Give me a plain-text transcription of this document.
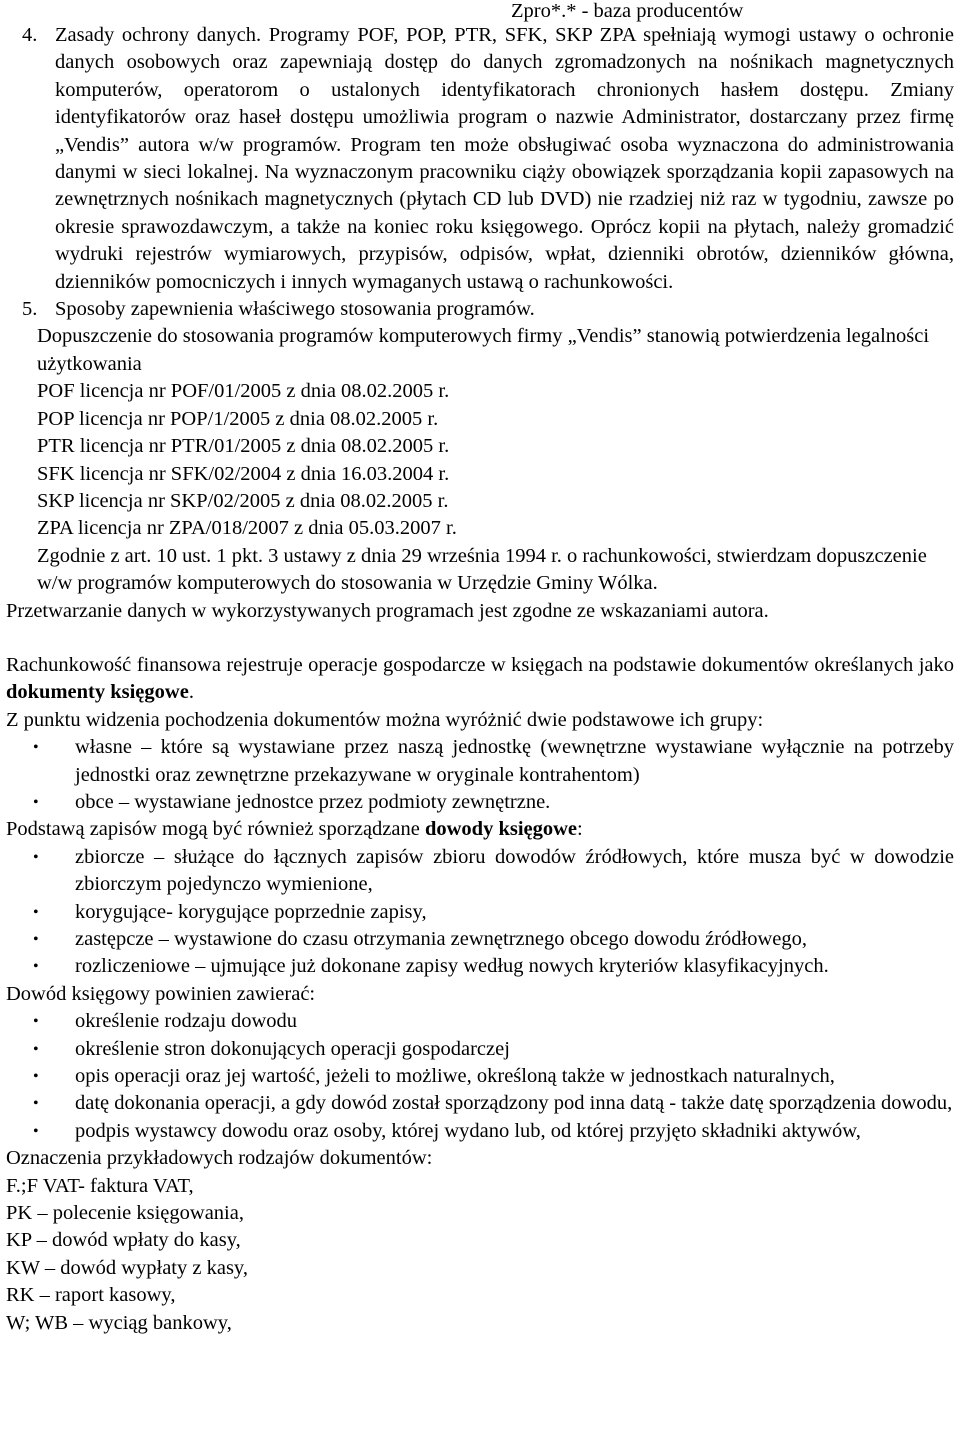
Zpro*.* - baza producentów
4. Zasady ochrony danych. Programy POF, POP, PTR, SFK, SKP ZPA spełniają wymogi ustawy o ochronie danych osobowych oraz zapewniają dostęp do danych zgromadzonych na nośnikach magnetycznych komputerów, operatorom o ustalonych identyfikatorach chronionych hasłem dostępu. Zmiany identyfikatorów oraz haseł dostępu umożliwia program o nazwie Administrator, dostarczany przez firmę „Vendis” autora w/w programów. Program ten może obsługiwać osoba wyznaczona do administrowania danymi w sieci lokalnej. Na wyznaczonym pracowniku ciąży obowiązek sporządzania kopii zapasowych na zewnętrznych nośnikach magnetycznych (płytach CD lub DVD) nie rzadziej niż raz w tygodniu, zawsze po okresie sprawozdawczym, a także na koniec roku księgowego. Oprócz kopii na płytach, należy gromadzić wydruki rejestrów wymiarowych, przypisów, odpisów, wpłat, dzienniki obrotów, dzienników główna, dzienników pomocniczych i innych wymaganych ustawą o rachunkowości.
5. Sposoby zapewnienia właściwego stosowania programów.
Dopuszczenie do stosowania programów komputerowych firmy „Vendis” stanowią potwierdzenia legalności użytkowania
POF licencja nr POF/01/2005 z dnia 08.02.2005 r.
POP licencja nr POP/1/2005 z dnia 08.02.2005 r.
PTR licencja nr PTR/01/2005 z dnia 08.02.2005 r.
SFK licencja nr SFK/02/2004 z dnia 16.03.2004 r.
SKP licencja nr SKP/02/2005 z dnia 08.02.2005 r.
ZPA licencja nr ZPA/018/2007 z dnia 05.03.2007 r.
Zgodnie z art. 10 ust. 1 pkt. 3 ustawy z dnia 29 września 1994 r. o rachunkowości, stwierdzam dopuszczenie w/w programów komputerowych do stosowania w Urzędzie Gminy Wólka.
Przetwarzanie danych w wykorzystywanych programach jest zgodne ze wskazaniami autora.
Rachunkowość finansowa rejestruje operacje gospodarcze w księgach na podstawie dokumentów określanych jako dokumenty księgowe.
Z punktu widzenia pochodzenia dokumentów można wyróżnić dwie podstawowe ich grupy:
•	własne – które są wystawiane przez naszą jednostkę (wewnętrzne wystawiane wyłącznie na potrzeby jednostki oraz zewnętrzne przekazywane w oryginale kontrahentom)
•	obce – wystawiane jednostce przez podmioty zewnętrzne.
Podstawą zapisów mogą być również sporządzane dowody księgowe:
•	zbiorcze – służące do łącznych zapisów zbioru dowodów źródłowych, które musza być w dowodzie zbiorczym pojedynczo wymienione,
•	korygujące- korygujące poprzednie zapisy,
•	zastępcze – wystawione do czasu otrzymania zewnętrznego obcego dowodu źródłowego,
•	rozliczeniowe – ujmujące już dokonane zapisy według nowych kryteriów klasyfikacyjnych.
Dowód księgowy powinien zawierać:
•	określenie rodzaju dowodu
•	określenie stron dokonujących operacji gospodarczej
•	opis operacji oraz jej wartość, jeżeli to możliwe, określoną także w jednostkach naturalnych,
•	datę dokonania operacji, a gdy dowód został sporządzony pod inna datą - także datę sporządzenia dowodu,
•	podpis wystawcy dowodu oraz osoby, której wydano lub, od której przyjęto składniki aktywów,
Oznaczenia przykładowych rodzajów dokumentów:
F.;F VAT- faktura VAT,
PK – polecenie księgowania,
KP – dowód wpłaty do kasy,
KW – dowód wypłaty z kasy,
RK – raport kasowy,
W; WB – wyciąg bankowy,
